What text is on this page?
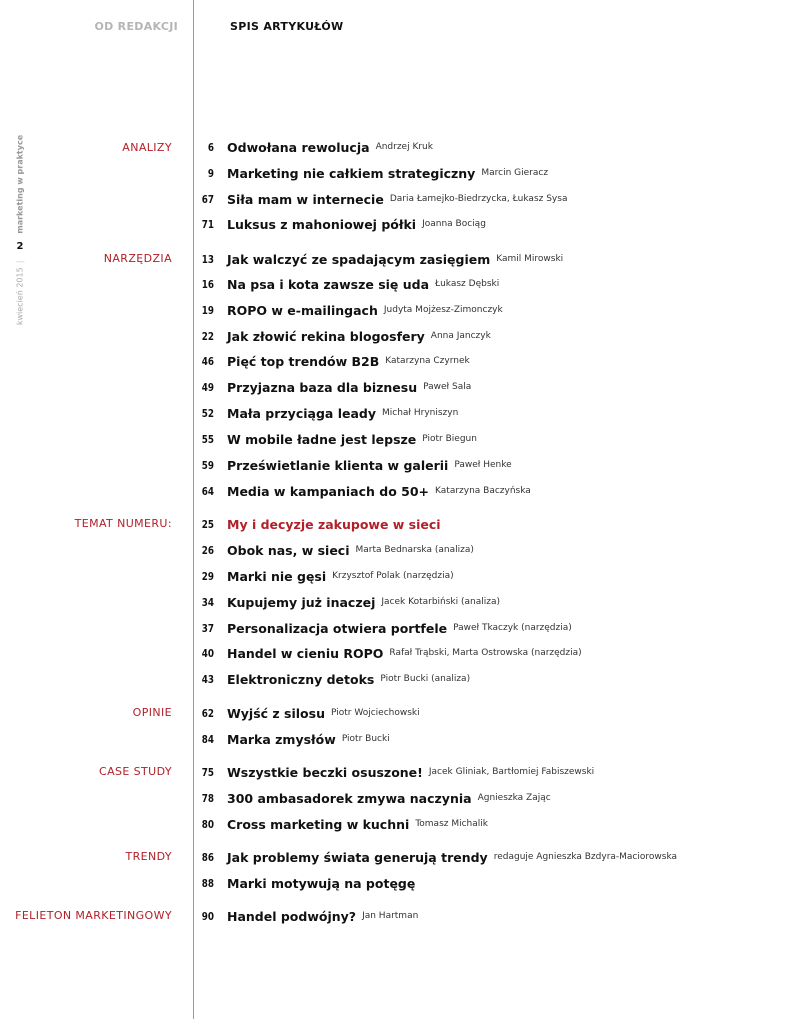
OD REDAKCJI	SPIS ARTYKUŁÓW
kwiecień 2015
|
2
marketing w praktyce	ANALIZY
NARZĘDZIA
TEMAT NUMERU:
OPINIE
CASE STUDY
TRENDY
FELIETON MARKETINGOWY
6 Odwołana rewolucja Andrzej Kruk
9 Marketing nie całkiem strategiczny Marcin Gieracz
67 Siła mam w internecie Daria Łamejko-Biedrzycka, Łukasz Sysa
71 Luksus z mahoniowej półki Joanna Bociąg
13 Jak walczyć ze spadającym zasięgiem Kamil Mirowski
16 Na psa i kota zawsze się uda Łukasz Dębski
19 ROPO w e-mailingach Judyta Mojżesz-Zimonczyk
22 Jak złowić rekina blogosfery Anna Janczyk
46 Pięć top trendów B2B Katarzyna Czyrnek
49 Przyjazna baza dla biznesu Paweł Sala
52 Mała przyciąga leady Michał Hryniszyn
55 W mobile ładne jest lepsze Piotr Biegun
59 Prześwietlanie klienta w galerii Paweł Henke
64 Media w kampaniach do 50+ Katarzyna Baczyńska
25 My i decyzje zakupowe w sieci
26 Obok nas, w sieci Marta Bednarska (analiza)
29 Marki nie gęsi Krzysztof Polak (narzędzia)
34 Kupujemy już inaczej Jacek Kotarbiński (analiza)
37 Personalizacja otwiera portfele Paweł Tkaczyk (narzędzia)
40 Handel w cieniu ROPO Rafał Trąbski, Marta Ostrowska (narzędzia)
43 Elektroniczny detoks Piotr Bucki (analiza)
62 Wyjść z silosu Piotr Wojciechowski
84 Marka zmysłów Piotr Bucki
75 Wszystkie beczki osuszone! Jacek Gliniak, Bartłomiej Fabiszewski
78 300 ambasadorek zmywa naczynia Agnieszka Zając
80 Cross marketing w kuchni Tomasz Michalik
86 Jak problemy świata generują trendy redaguje Agnieszka Bzdyra-Maciorowska
88 Marki motywują na potęgę
90 Handel podwójny? Jan Hartman
